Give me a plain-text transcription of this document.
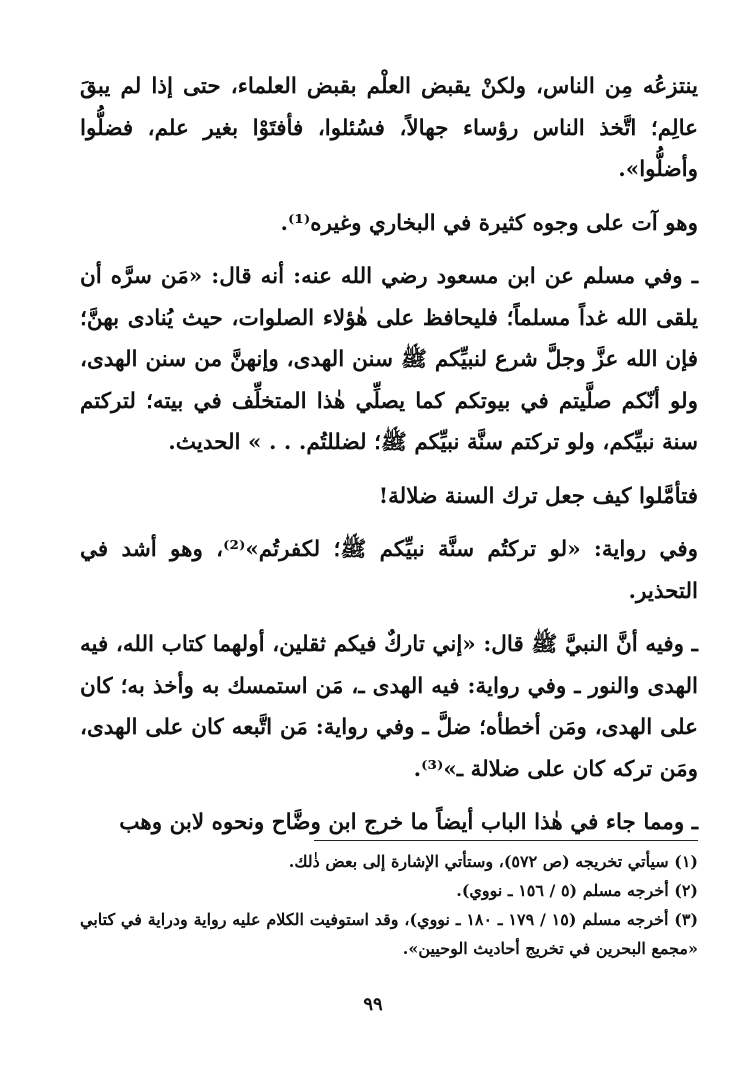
ينتزعُه مِن الناس، ولكنْ يقبض العلْم بقبض العلماء، حتى إذا لم يبقَ عالِم؛ اتَّخذ الناس رؤساء جهالاً، فسُئلوا، فأفتَوْا بغير علم، فضلُّوا وأضلُّوا».

وهو آت على وجوه كثيرة في البخاري وغيره⁽¹⁾.

ـ وفي مسلم عن ابن مسعود رضي الله عنه: أنه قال: «مَن سرَّه أن يلقى الله غداً مسلماً؛ فليحافظ على هٰؤلاء الصلوات، حيث يُنادى بهنَّ؛ فإن الله عزَّ وجلَّ شرع لنبيِّكم ﷺ سنن الهدى، وإنهنَّ من سنن الهدى، ولو أنّكم صلَّيتم في بيوتكم كما يصلِّي هٰذا المتخلِّف في بيته؛ لتركتم سنة نبيِّكم، ولو تركتم سنَّة نبيِّكم ﷺ؛ لضللتُم. . . » الحديث.

فتأمَّلوا كيف جعل ترك السنة ضلالة!

وفي رواية: «لو تركتُم سنَّة نبيِّكم ﷺ؛ لكفرتُم»⁽²⁾، وهو أشد في التحذير.

ـ وفيه أنَّ النبيَّ ﷺ قال: «إني تاركٌ فيكم ثقلين، أولهما كتاب الله، فيه الهدى والنور ـ وفي رواية: فيه الهدى ـ، مَن استمسك به وأخذ به؛ كان على الهدى، ومَن أخطأه؛ ضلَّ ـ وفي رواية: مَن اتَّبعه كان على الهدى، ومَن تركه كان على ضلالة ـ»⁽³⁾.

ـ ومما جاء في هٰذا الباب أيضاً ما خرج ابن وضَّاح ونحوه لابن وهب

(١) سيأتي تخريجه (ص ٥٧٢)، وستأتي الإشارة إلى بعض ذٰلك.

(٢) أخرجه مسلم (٥ / ١٥٦ ـ نووي).

(٣) أخرجه مسلم (١٥ / ١٧٩ ـ ١٨٠ ـ نووي)، وقد استوفيت الكلام عليه رواية ودراية في كتابي «مجمع البحرين في تخريج أحاديث الوحيين».

٩٩
